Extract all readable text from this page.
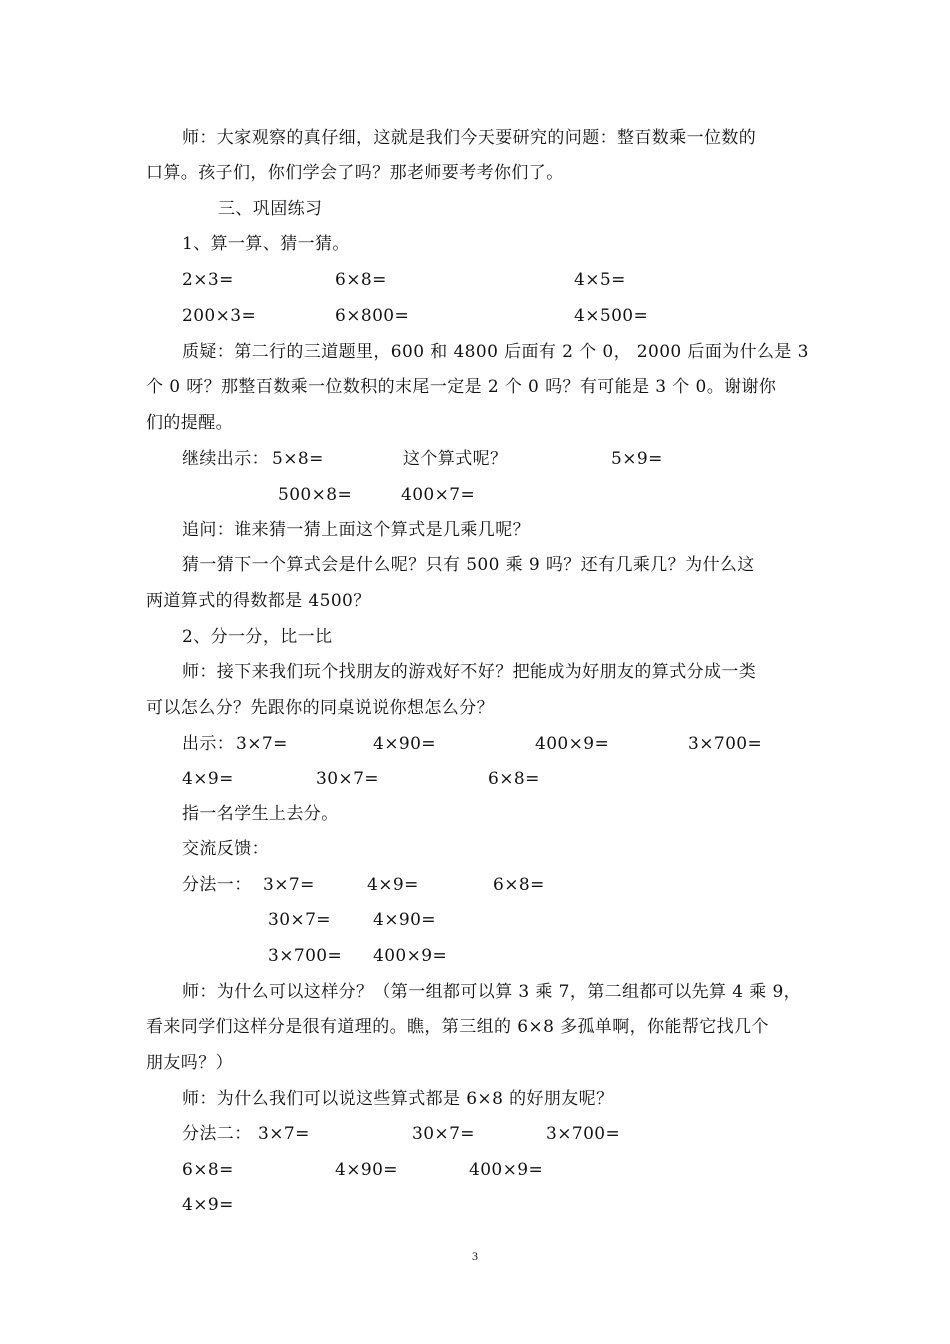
师：大家观察的真仔细，这就是我们今天要研究的问题：整百数乘一位数的
口算。孩子们，你们学会了吗？那老师要考考你们了。
三、巩固练习
1、算一算、猜一猜。
2×3=	6×8=	4×5=
200×3=	6×800=	4×500=
质疑：第二行的三道题里，600 和 4800 后面有 2 个 0， 2000 后面为什么是 3
个 0 呀？那整百数乘一位数积的末尾一定是 2 个 0 吗？有可能是 3 个 0。谢谢你
们的提醒。
继续出示： 5×8=	这个算式呢？	5×9=
500×8=	400×7=
追问：谁来猜一猜上面这个算式是几乘几呢？
猜一猜下一个算式会是什么呢？只有 500 乘 9 吗？还有几乘几？为什么这
两道算式的得数都是 4500？
2、分一分，比一比
师：接下来我们玩个找朋友的游戏好不好？把能成为好朋友的算式分成一类
可以怎么分？先跟你的同桌说说你想怎么分？
出示： 3×7=	4×90=	400×9=	3×700=
4×9=	30×7=	6×8=
指一名学生上去分。
交流反馈：
分法一： 3×7=	4×9=	6×8=
30×7= 4×90=
3×700= 400×9=
师：为什么可以这样分？（第一组都可以算 3 乘 7，第二组都可以先算 4 乘 9，
看来同学们这样分是很有道理的。瞧，第三组的 6×8 多孤单啊，你能帮它找几个
朋友吗？）
师：为什么我们可以说这些算式都是 6×8 的好朋友呢？
分法二： 3×7=	30×7=	3×700=
6×8=	4×90=	400×9=
4×9=
3
